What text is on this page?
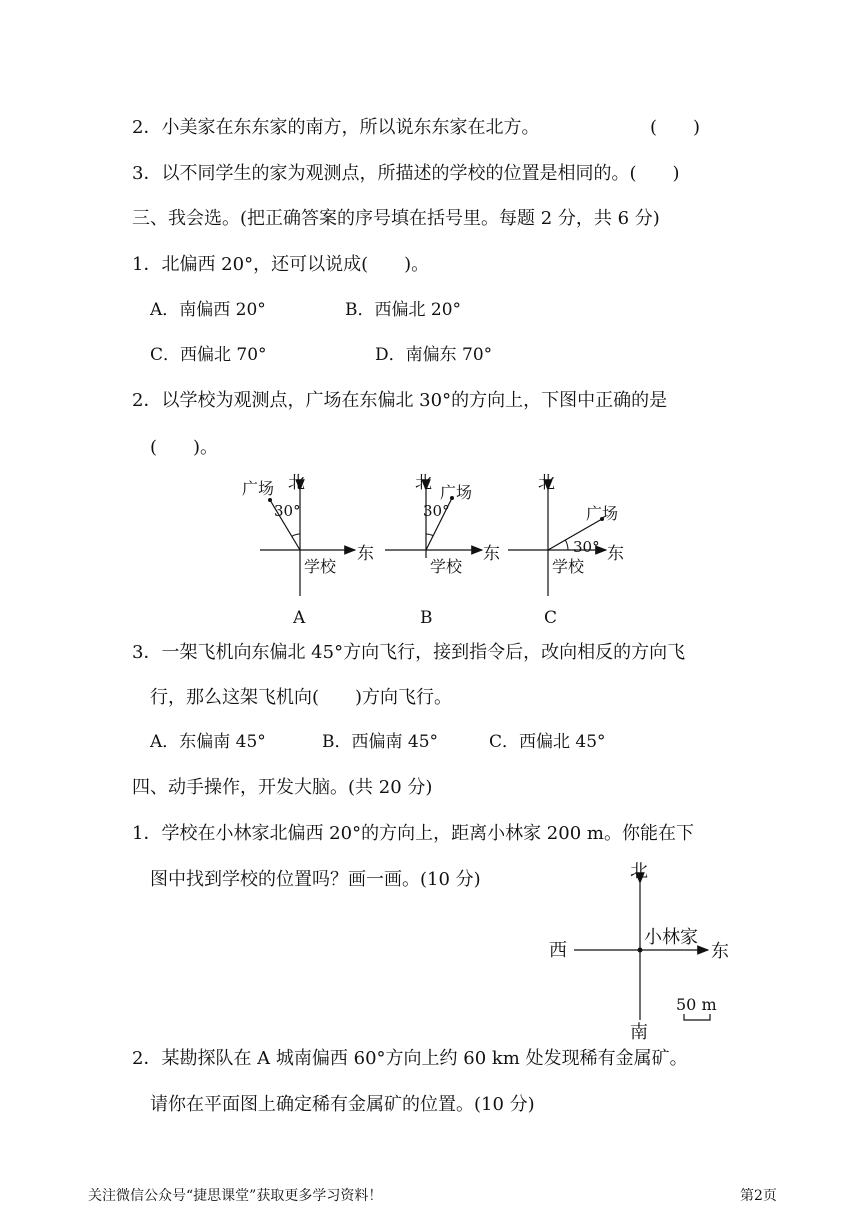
2．小美家在东东家的南方，所以说东东家在北方。	(　　)
3．以不同学生的家为观测点，所描述的学校的位置是相同的。(　　)
三、我会选。(把正确答案的序号填在括号里。每题 2 分，共 6 分)
1．北偏西 20°，还可以说成(　　)。
A．南偏西 20°	B．西偏北 20°
C．西偏北 70°	D．南偏东 70°
2．以学校为观测点，广场在东偏北 30°的方向上，下图中正确的是
(　　)。
北
广场
30°
东
学校
A
北 广场
30°
东
学校
B
北
广场
30° 东
学校
C
3．一架飞机向东偏北 45°方向飞行，接到指令后，改向相反的方向飞
行，那么这架飞机向(　　)方向飞行。
A．东偏南 45°	B．西偏南 45°	C．西偏北 45°
四、动手操作，开发大脑。(共 20 分)
1．学校在小林家北偏西 20°的方向上，距离小林家 200 m。你能在下
图中找到学校的位置吗？画一画。(10 分)	北
南
西	东
小林家
50 m
2．某勘探队在 A 城南偏西 60°方向上约 60 km 处发现稀有金属矿。
请你在平面图上确定稀有金属矿的位置。(10 分)
关注微信公众号“捷思课堂”获取更多学习资料！	第2页
